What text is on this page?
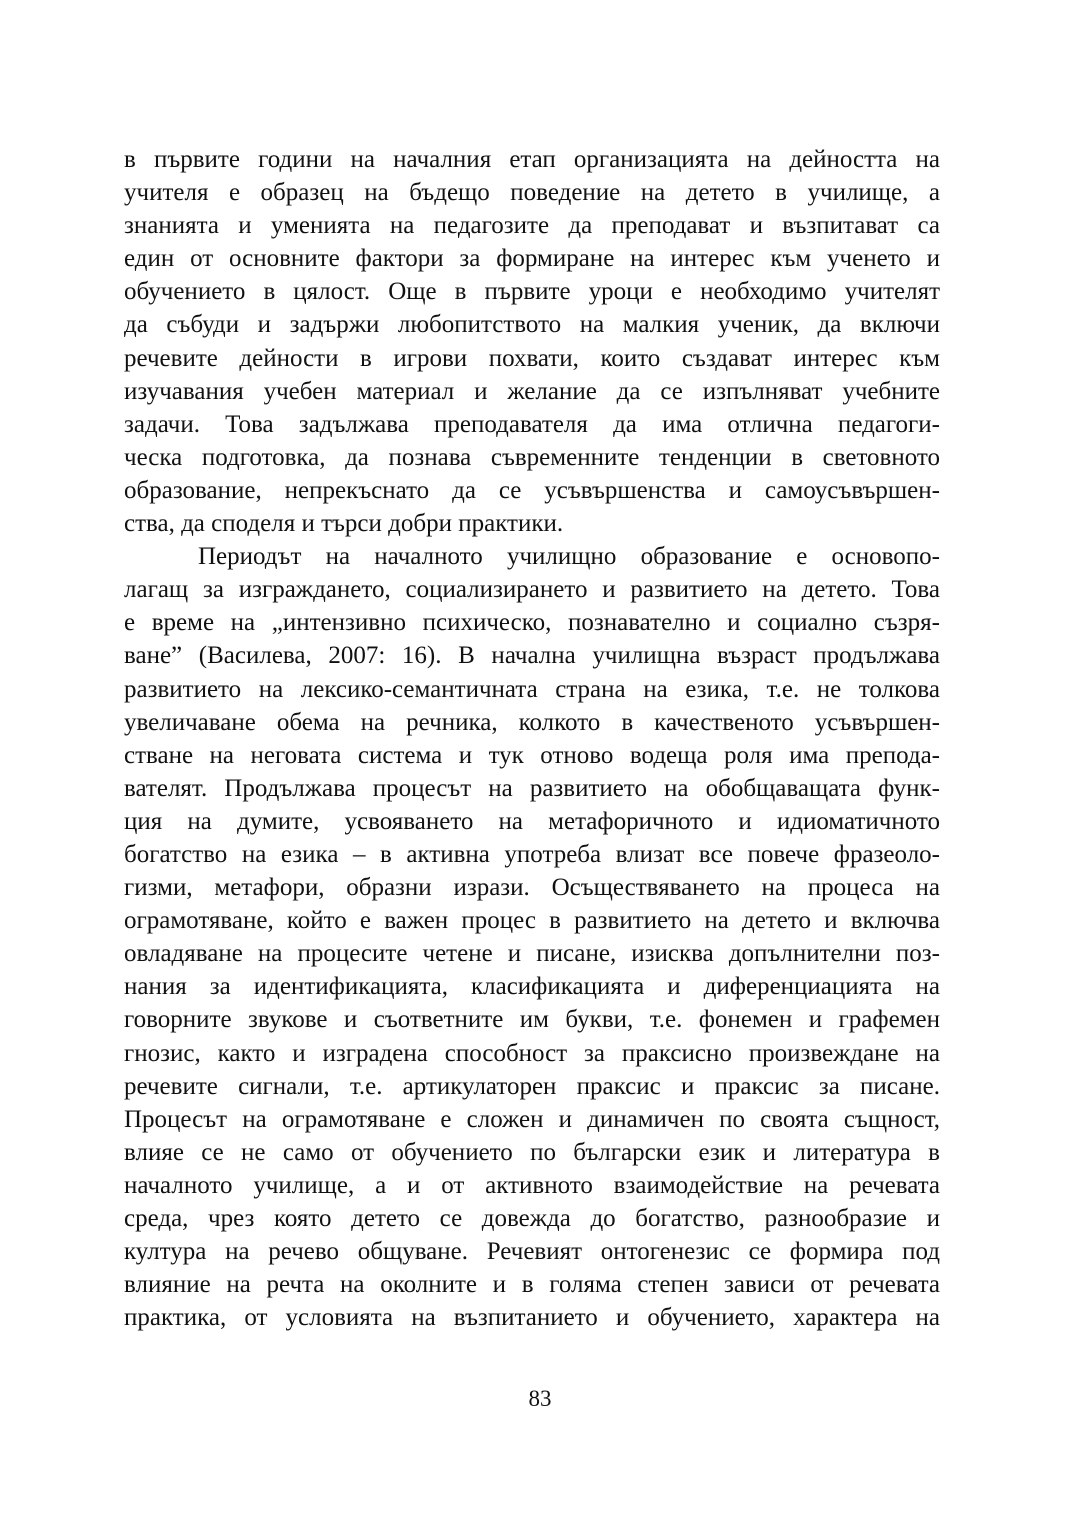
в първите години на началния етап организацията на дейността на
учителя е образец на бъдещо поведение на детето в училище, а
знанията и уменията на педагозите да преподават и възпитават са
един от основните фактори за формиране на интерес към ученето и
обучението в цялост. Още в първите уроци е необходимо учителят
да събуди и задържи любопитството на малкия ученик, да включи
речевите дейности в игрови похвати, които създават интерес към
изучавания учебен материал и желание да се изпълняват учебните
задачи. Това задължава преподавателя да има отлична педагоги-
ческа подготовка, да познава съвременните тенденции в световното
образование, непрекъснато да се усъвършенства и самоусъвършен-
ства, да споделя и търси добри практики.
Периодът на началното училищно образование е основопо-
лагащ за изграждането, социализирането и развитието на детето. Това
е време на „интензивно психическо, познавателно и социално съзря-
ване” (Василева, 2007: 16). В начална училищна възраст продължава
развитието на лексико-семантичната страна на езика, т.е. не толкова
увеличаване обема на речника, колкото в качественото усъвършен-
стване на неговата система и тук отново водеща роля има препода-
вателят. Продължава процесът на развитието на обобщаващата функ-
ция на думите, усвояването на метафоричното и идиоматичното
богатство на езика – в активна употреба влизат все повече фразеоло-
гизми, метафори, образни изрази. Осъществяването на процеса на
ограмотяване, който е важен процес в развитието на детето и включва
овладяване на процесите четене и писане, изисква допълнителни поз-
нания за идентификацията, класификацията и диференциацията на
говорните звукове и съответните им букви, т.е. фонемен и графемен
гнозис, както и изградена способност за праксисно произвеждане на
речевите сигнали, т.е. артикулаторен праксис и праксис за писане.
Процесът на ограмотяване е сложен и динамичен по своята същност,
влияе се не само от обучението по български език и литература в
началното училище, а и от активното взаимодействие на речевата
среда, чрез която детето се довежда до богатство, разнообразие и
култура на речево общуване. Речевият онтогенезис се формира под
влияние на речта на околните и в голяма степен зависи от речевата
практика, от условията на възпитанието и обучението, характера на
83
